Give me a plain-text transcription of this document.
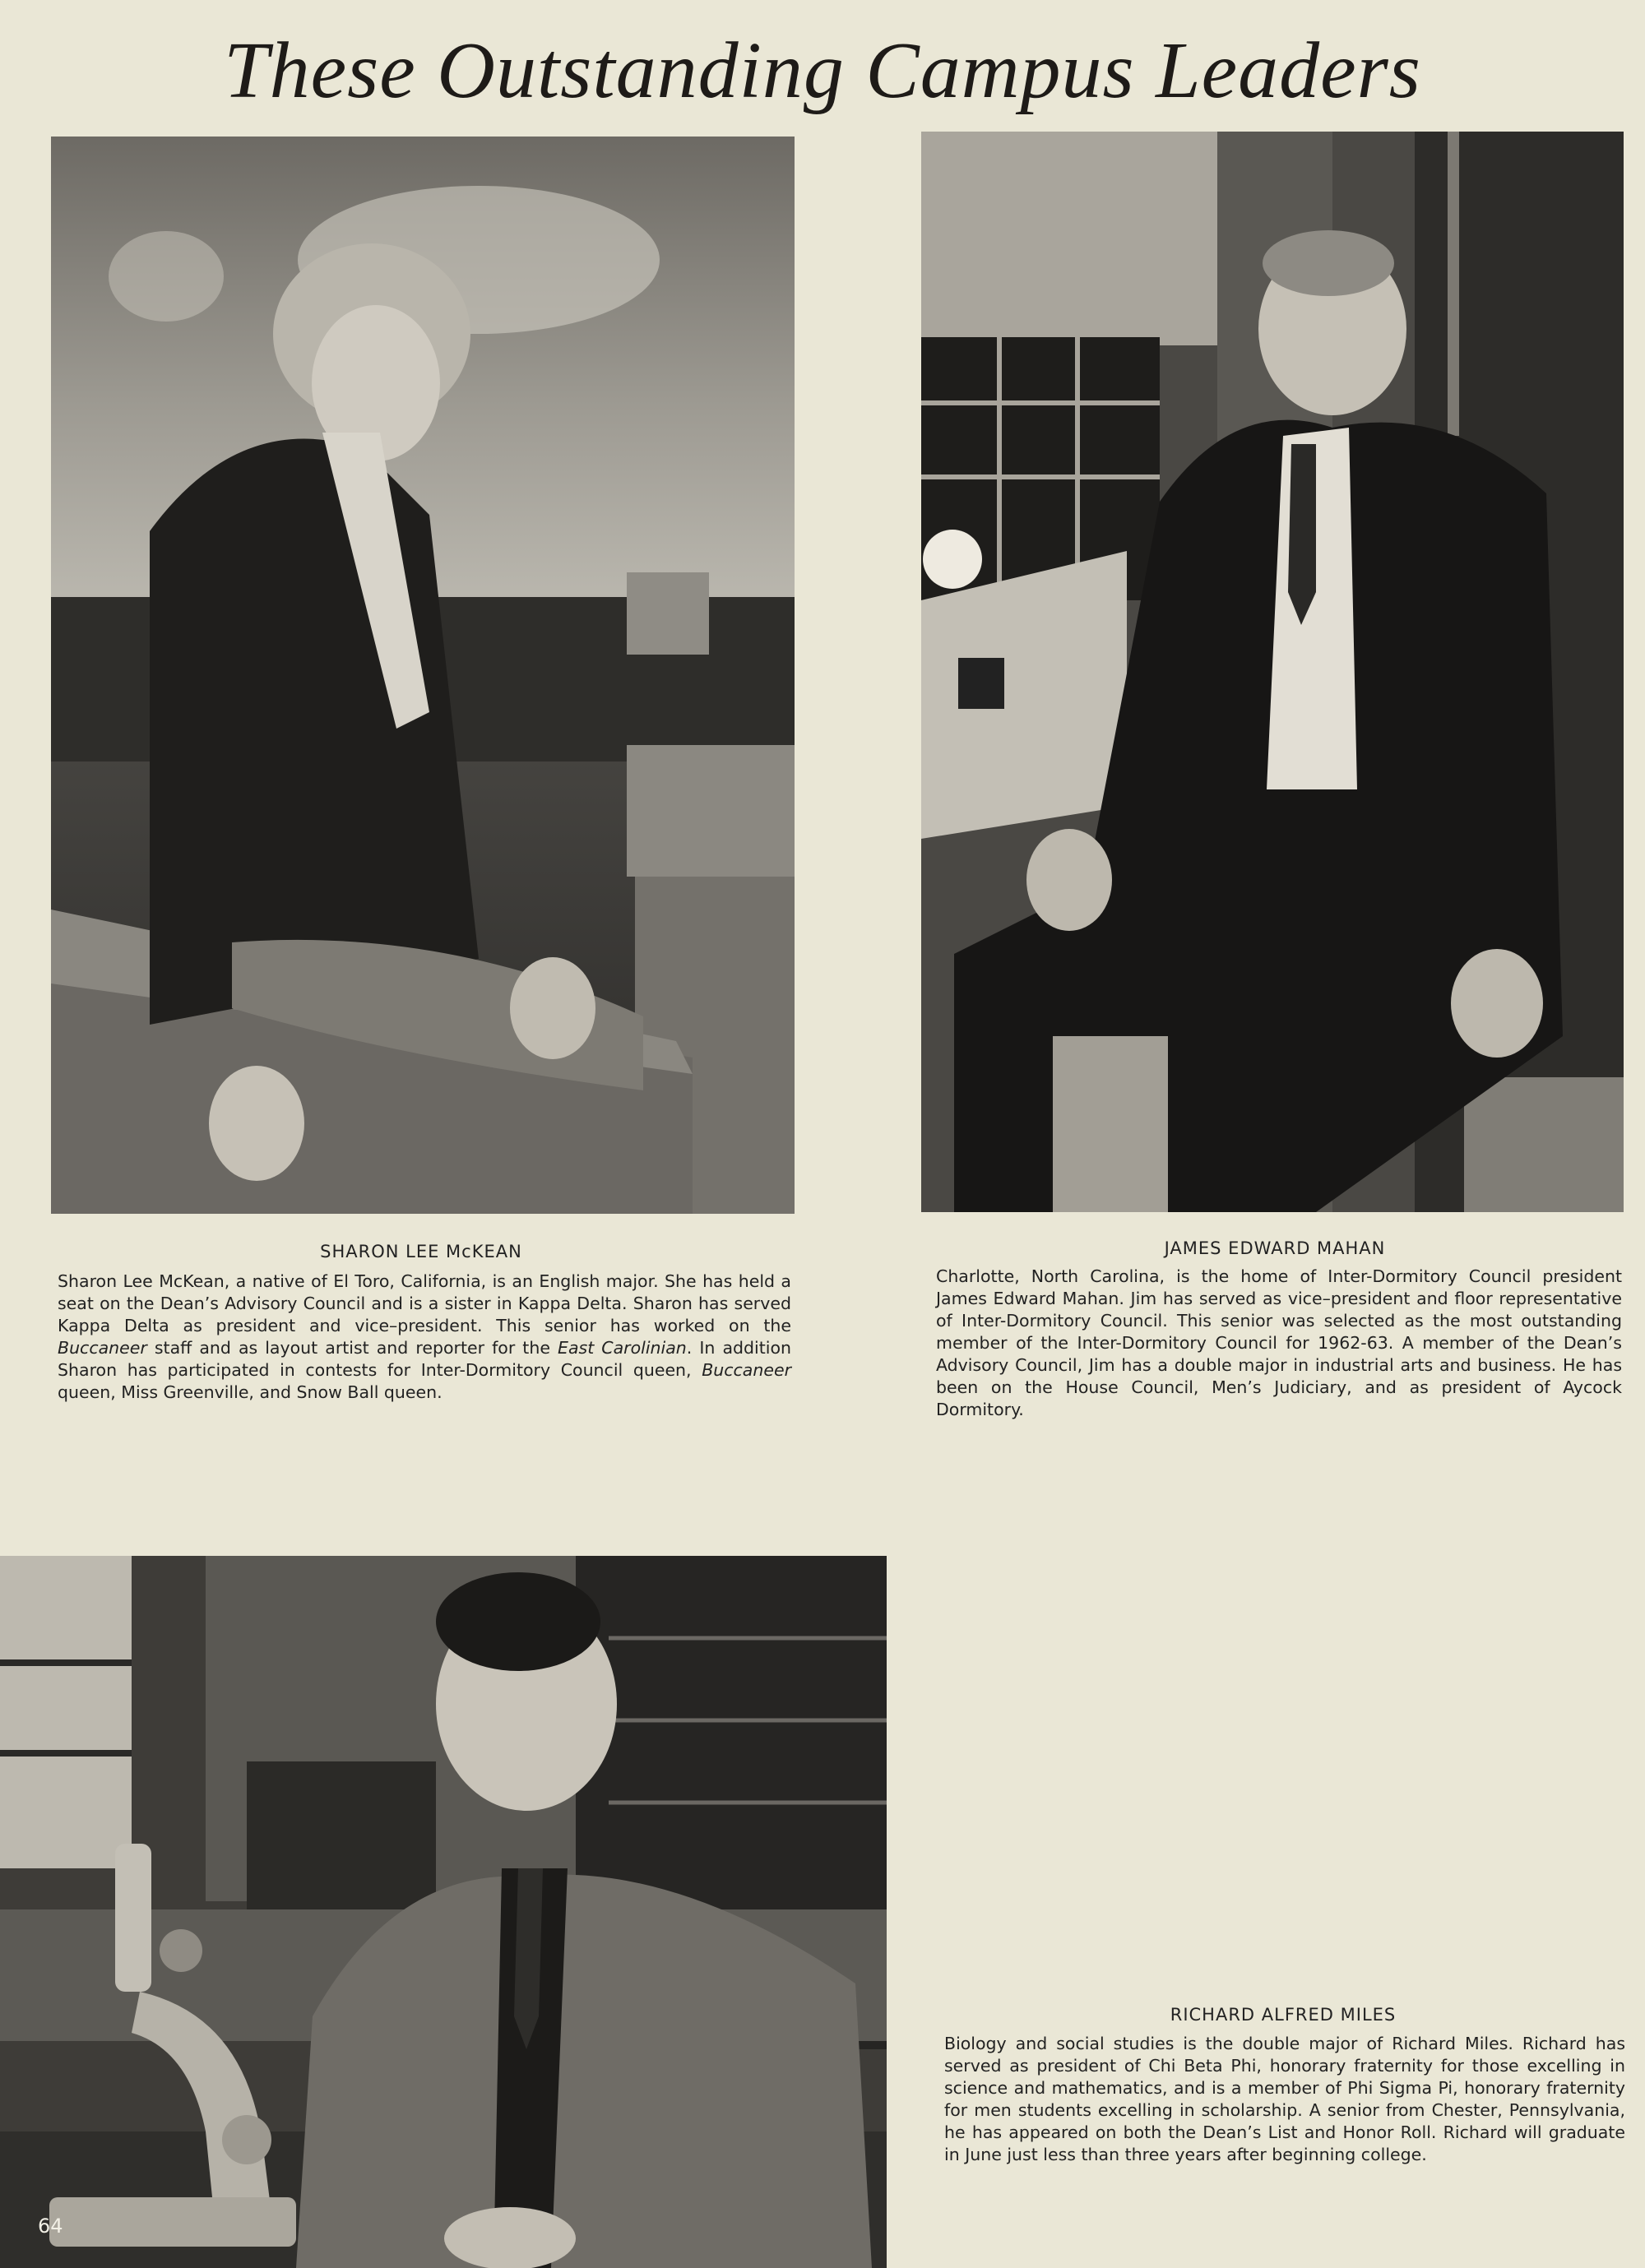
These Outstanding Campus Leaders
SHARON LEE McKEAN
Sharon Lee McKean, a native of El Toro, California, is an English major. She has held a seat on the Dean’s Advisory Council and is a sister in Kappa Delta. Sharon has served Kappa Delta as president and vice–president. This senior has worked on the Buccaneer staff and as layout artist and reporter for the East Carolinian. In addition Sharon has participated in contests for Inter-Dormitory Council queen, Buccaneer queen, Miss Greenville, and Snow Ball queen.
JAMES EDWARD MAHAN
Charlotte, North Carolina, is the home of Inter-Dormitory Council president James Edward Mahan. Jim has served as vice–president and floor representative of Inter-Dormitory Council. This senior was selected as the most outstanding member of the Inter-Dormitory Council for 1962-63. A member of the Dean’s Advisory Council, Jim has a double major in industrial arts and business. He has been on the House Council, Men’s Judiciary, and as president of Aycock Dormitory.
RICHARD ALFRED MILES
Biology and social studies is the double major of Richard Miles. Richard has served as president of Chi Beta Phi, honorary fraternity for those excelling in science and mathematics, and is a member of Phi Sigma Pi, honorary fraternity for men students excelling in scholarship. A senior from Chester, Pennsylvania, he has appeared on both the Dean’s List and Honor Roll. Richard will graduate in June just less than three years after beginning college.
64
